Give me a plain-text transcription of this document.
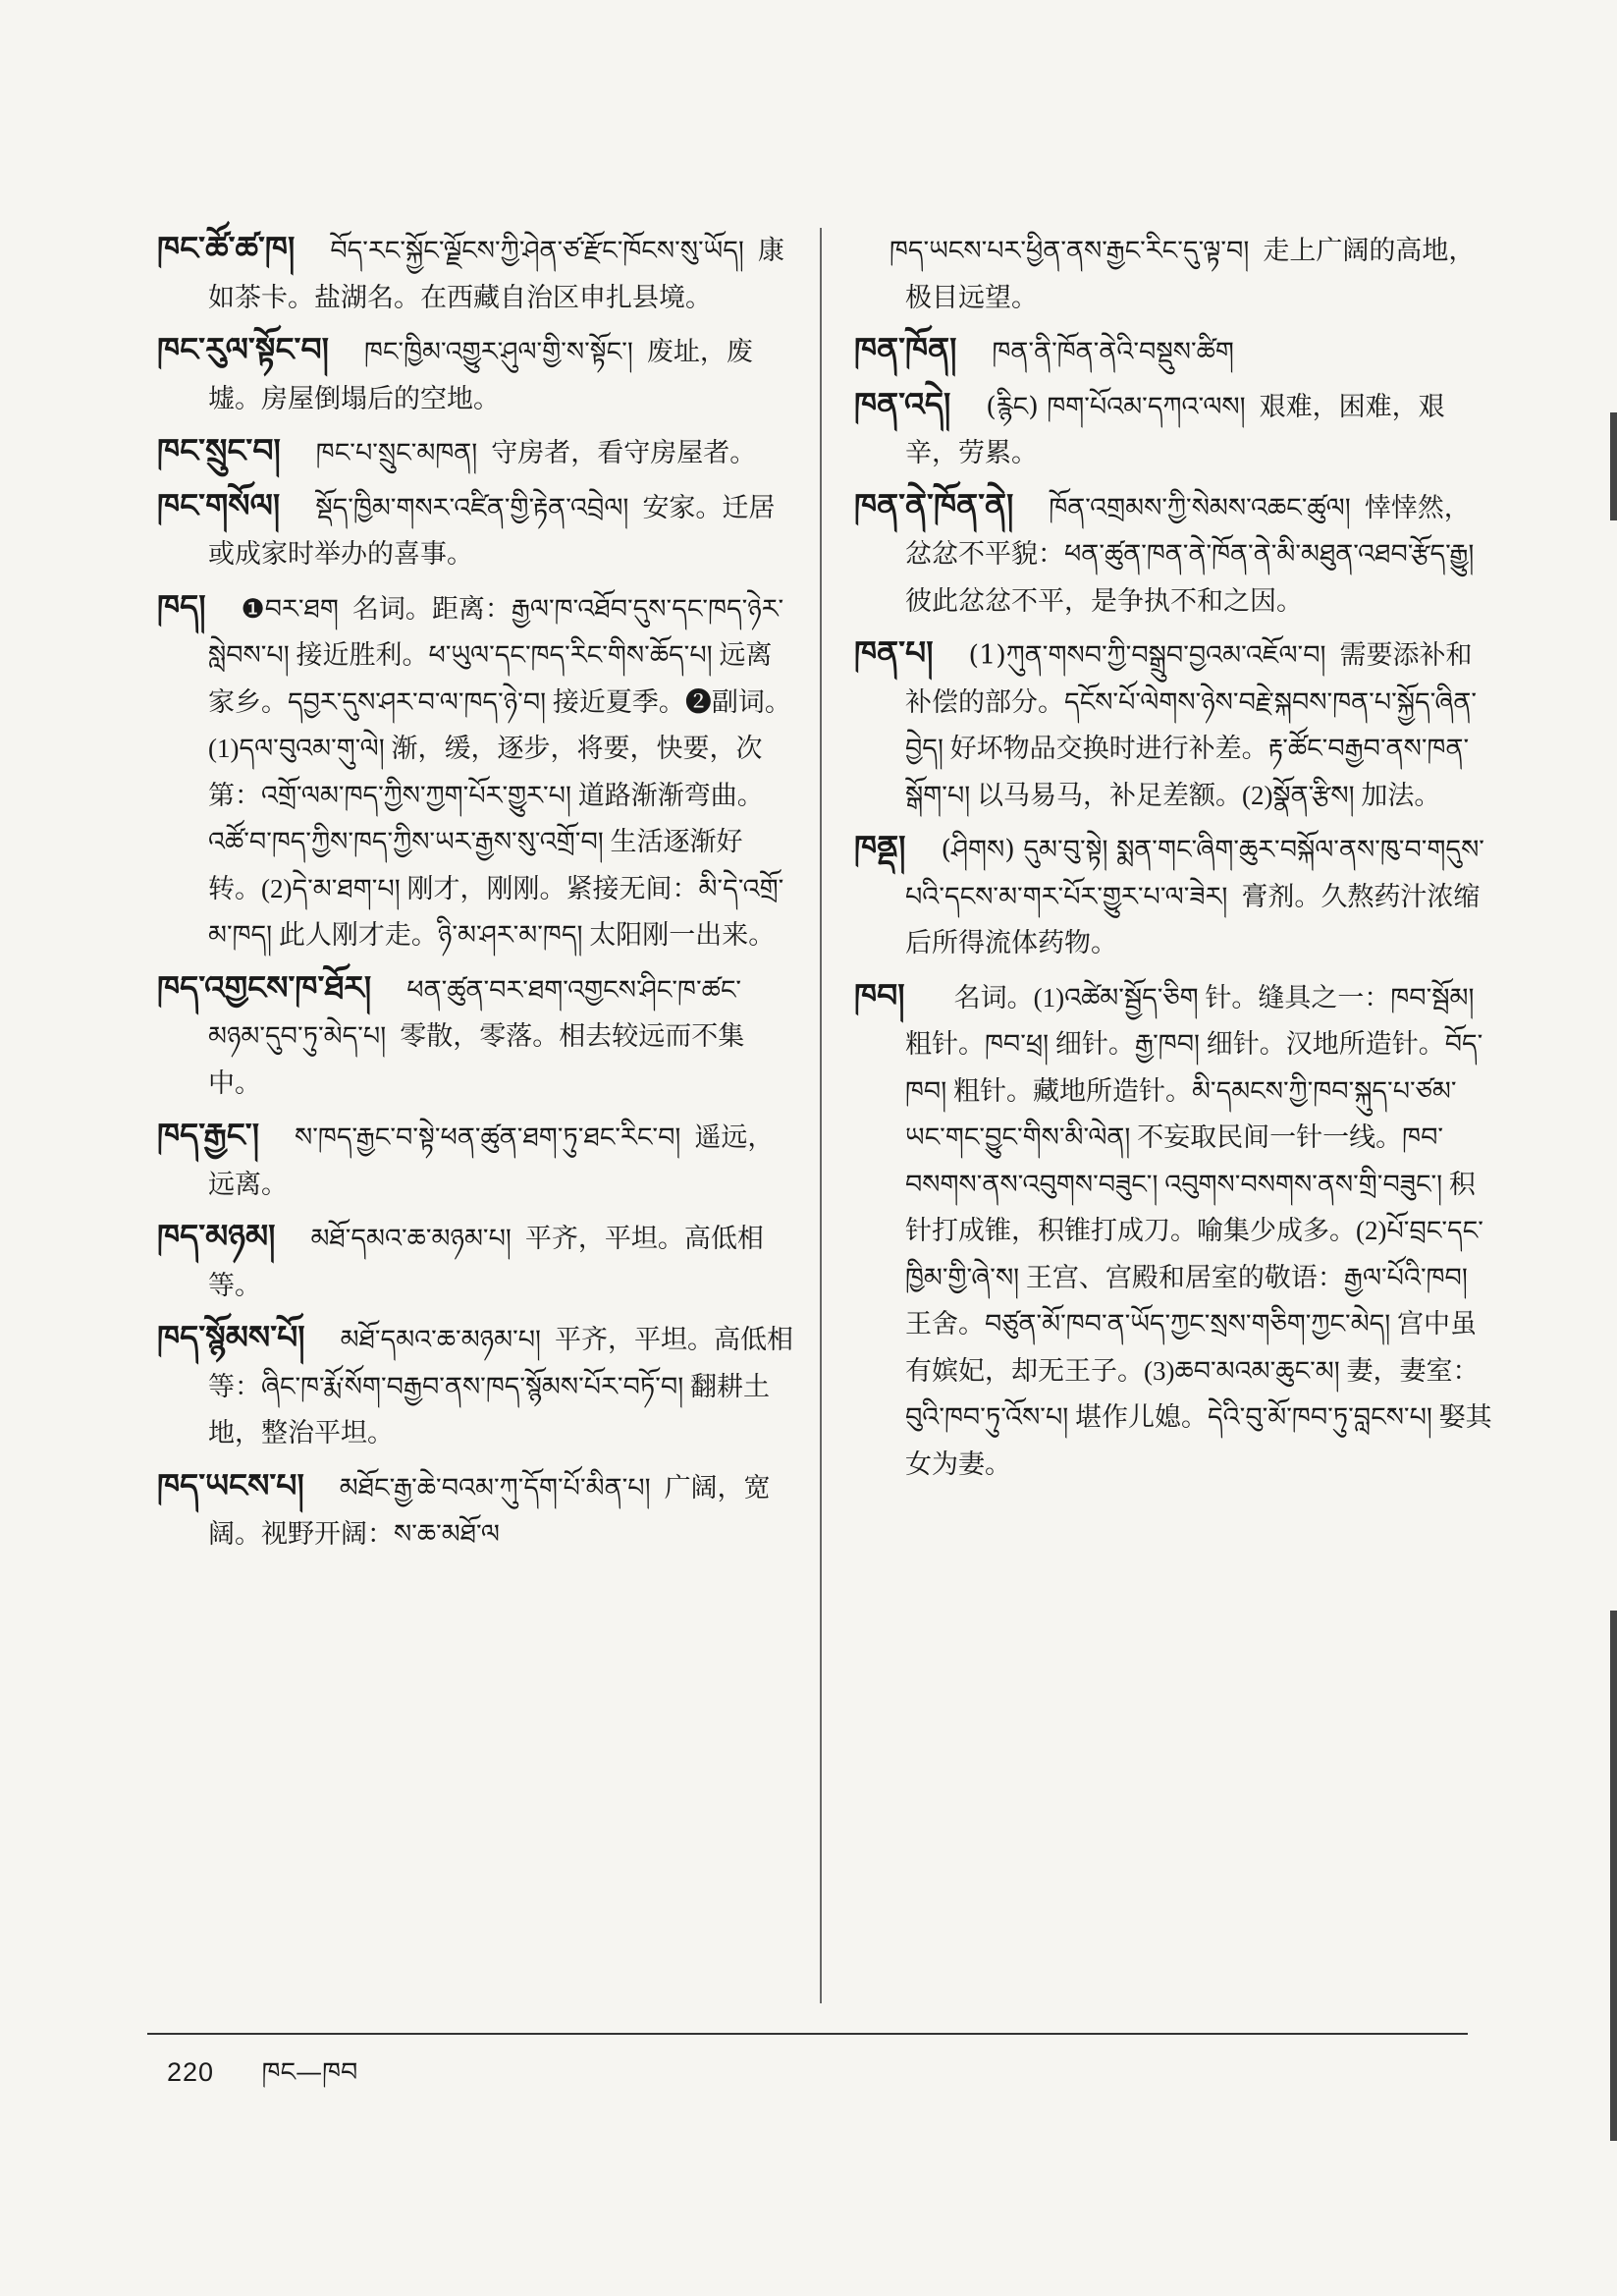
ཁང་ཚོ་ཚ་ཁ། བོད་རང་སྐྱོང་ལྗོངས་ཀྱི་ཤེན་ཙ་རྫོང་ཁོངས་སུ་ཡོད། 康如茶卡。盐湖名。在西藏自治区申扎县境。

ཁང་རུལ་སྟོང་བ། ཁང་ཁྱིམ་འགྱུར་ཤུལ་གྱི་ས་སྟོང་། 废址，废墟。房屋倒塌后的空地。

ཁང་སྲུང་བ། ཁང་པ་སྲུང་མཁན། 守房者，看守房屋者。

ཁང་གསོལ། སྡོད་ཁྱིམ་གསར་འཛིན་གྱི་རྟེན་འབྲེལ། 安家。迁居或成家时举办的喜事。

ཁད། ❶བར་ཐག 名词。距离：རྒྱལ་ཁ་འཐོབ་དུས་དང་ཁད་ཉེར་སླེབས་པ། 接近胜利。ཕ་ཡུལ་དང་ཁད་རིང་གིས་ཆོད་པ། 远离家乡。དབྱར་དུས་ཤར་བ་ལ་ཁད་ཉེ་བ། 接近夏季。❷副词。(1)དལ་བུའམ་གུ་ལེ། 渐，缓，逐步，将要，快要，次第：འགྲོ་ལམ་ཁད་ཀྱིས་ཀྱག་པོར་གྱུར་པ། 道路渐渐弯曲。འཚོ་བ་ཁད་ཀྱིས་ཁད་ཀྱིས་ཡར་རྒྱས་སུ་འགྲོ་བ། 生活逐渐好转。(2)དེ་མ་ཐག་པ། 刚才，刚刚。紧接无间：མི་དེ་འགྲོ་མ་ཁད། 此人刚才走。ཉི་མ་ཤར་མ་ཁད། 太阳刚一出来。

ཁད་འགྱངས་ཁ་ཐོར། ཕན་ཚུན་བར་ཐག་འགྱངས་ཤིང་ཁ་ཚང་མཉམ་དུབ་ཏུ་མེད་པ། 零散，零落。相去较远而不集中。

ཁད་རྒྱང་། ས་ཁད་རྒྱང་བ་སྟེ་ཕན་ཚུན་ཐག་ཏུ་ཐང་རིང་བ། 遥远，远离。

ཁད་མཉམ། མཐོ་དམའ་ཆ་མཉམ་པ། 平齐，平坦。高低相等。

ཁད་སྙོམས་པོ། མཐོ་དམའ་ཆ་མཉམ་པ། 平齐，平坦。高低相等：ཞིང་ཁ་རྨོ་སོག་བརྒྱབ་ནས་ཁད་སྙོམས་པོར་བཏོ་བ། 翻耕土地，整治平坦。

ཁད་ཡངས་པ། མཐོང་རྒྱ་ཆེ་བའམ་ཀུ་དོག་པོ་མིན་པ། 广阔，宽阔。视野开阔：ས་ཆ་མཐོ་ལ

ཁད་ཡངས་པར་ཕྱིན་ནས་རྒྱང་རིང་དུ་ལྟ་བ། 走上广阔的高地，极目远望。

ཁན་ཁོན། ཁན་ནི་ཁོན་ནེའི་བསྡུས་ཚིག

ཁན་འདེ། (རྙིང) ཁག་པོའམ་དཀའ་ལས། 艰难，困难，艰辛，劳累。

ཁན་ནེ་ཁོན་ནེ། ཁོན་འགྲམས་ཀྱི་སེམས་འཆང་ཚུལ། 悻悻然，忿忿不平貌：ཕན་ཚུན་ཁན་ནེ་ཁོན་ནེ་མི་མཐུན་འཐབ་རྩོད་རྒྱུ། 彼此忿忿不平，是争执不和之因。

ཁན་པ། (1)ཀུན་གསབ་ཀྱི་བསྒྲུབ་བྱའམ་འཇོལ་བ། 需要添补和补偿的部分。དངོས་པོ་ལེགས་ཉེས་བརྗེ་སྐབས་ཁན་པ་སྐྱོད་ཞིན་བྱེད། 好坏物品交换时进行补差。རྟ་ཚོང་བརྒྱབ་ནས་ཁན་སྒོག་པ། 以马易马，补足差额。(2)སྣོན་རྩིས། 加法。

ཁནྡ། (ཤིགས) དུམ་བུ་སྟེ། སྨན་གང་ཞིག་ཆུར་བསྐོལ་ནས་ཁུ་བ་གདུས་པའི་དངས་མ་གར་པོར་གྱུར་པ་ལ་ཟེར། 膏剂。久熬药汁浓缩后所得流体药物。

ཁབ། 名词。(1)འཚེམ་སྦྱོད་ཅིག 针。缝具之一：ཁབ་སྦོམ། 粗针。ཁབ་ཕྲ། 细针。རྒྱ་ཁབ། 细针。汉地所造针。བོད་ཁབ། 粗针。藏地所造针。མི་དམངས་ཀྱི་ཁབ་སྐུད་པ་ཙམ་ཡང་གང་བྱུང་གིས་མི་ལེན། 不妄取民间一针一线。ཁབ་བསགས་ནས་འབུགས་བཟུང་། འབུགས་བསགས་ནས་གྲི་བཟུང་། 积针打成锥，积锥打成刀。喻集少成多。(2)པོ་བྲང་དང་ཁྱིམ་གྱི་ཞེ་ས། 王宫、宫殿和居室的敬语：རྒྱལ་པོའི་ཁབ། 王舍。བཙུན་མོ་ཁབ་ན་ཡོད་ཀྱང་སྲས་གཅིག་ཀྱང་མེད། 宫中虽有嫔妃，却无王子。(3)ཆབ་མའམ་ཆུང་མ། 妻，妻室：བུའི་ཁབ་ཏུ་འོས་པ། 堪作儿媳。དེའི་བུ་མོ་ཁབ་ཏུ་བླངས་པ། 娶其女为妻。

220 ཁང—ཁབ
